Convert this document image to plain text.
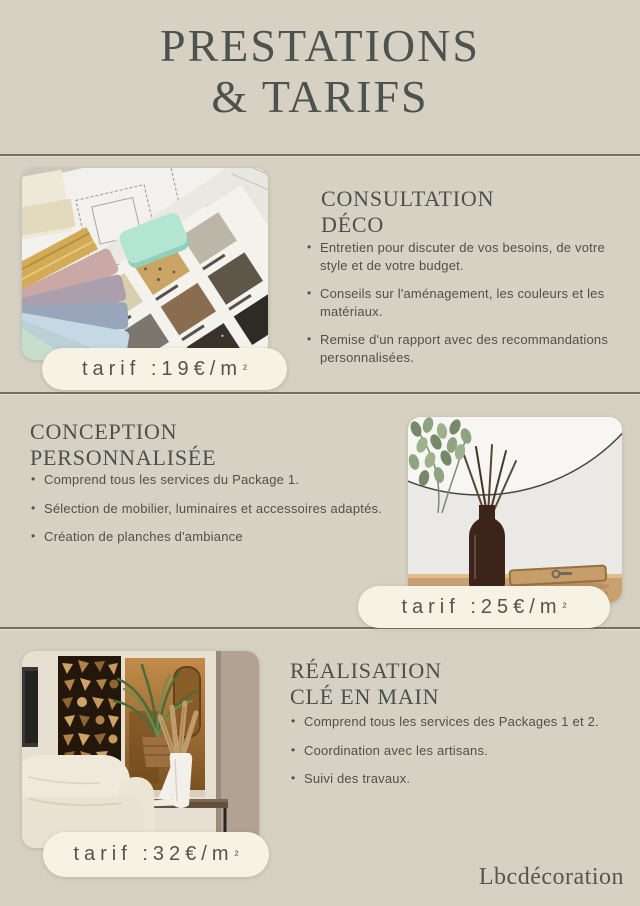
PRESTATIONS
& TARIFS
tarif :19€/m ²
CONSULTATION
DÉCO
• Entretien pour discuter de vos besoins, de votre style et de votre budget.
• Conseils sur l'aménagement, les couleurs et les matériaux.
• Remise d'un rapport avec des recommandations personnalisées.
CONCEPTION
PERSONNALISÉE
• Comprend tous les services du Package 1.
• Sélection de mobilier, luminaires et accessoires adaptés.
• Création de planches d'ambiance
tarif :25€/m ²
RÉALISATION
CLÉ EN MAIN
• Comprend tous les services des Packages 1 et 2.
• Coordination avec les artisans.
• Suivi des travaux.
tarif :32€/m ²
Lbcdécoration
